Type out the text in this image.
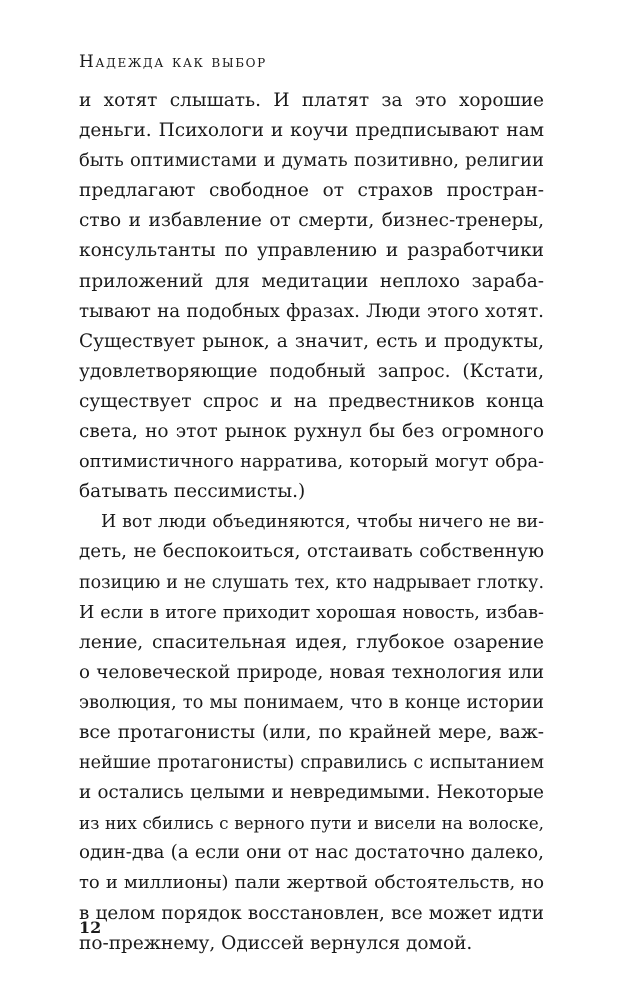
Надежда как выбор

и хотят слышать. И платят за это хорошие
деньги. Психологи и коучи предписывают нам
быть оптимистами и думать позитивно, религии
предлагают свободное от страхов простран-
ство и избавление от смерти, бизнес-тренеры,
консультанты по управлению и разработчики
приложений для медитации неплохо зараба-
тывают на подобных фразах. Люди этого хотят.
Существует рынок, а значит, есть и продукты,
удовлетворяющие подобный запрос. (Кстати,
существует спрос и на предвестников конца
света, но этот рынок рухнул бы без огромного
оптимистичного нарратива, который могут обра-
батывать пессимисты.)

И вот люди объединяются, чтобы ничего не ви-
деть, не беспокоиться, отстаивать собственную
позицию и не слушать тех, кто надрывает глотку.
И если в итоге приходит хорошая новость, избав-
ление, спасительная идея, глубокое озарение
о человеческой природе, новая технология или
эволюция, то мы понимаем, что в конце истории
все протагонисты (или, по крайней мере, важ-
нейшие протагонисты) справились с испытанием
и остались целыми и невредимыми. Некоторые
из них сбились с верного пути и висели на волоске,
один-два (а если они от нас достаточно далеко,
то и миллионы) пали жертвой обстоятельств, но
в целом порядок восстановлен, все может идти
по-прежнему, Одиссей вернулся домой.

12
